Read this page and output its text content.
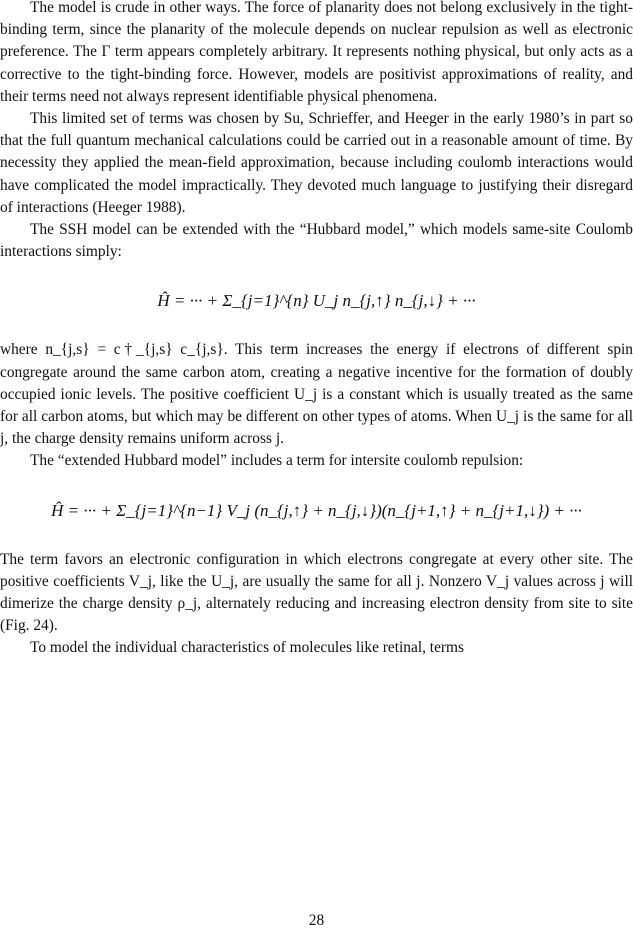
The model is crude in other ways. The force of planarity does not belong exclusively in the tight-binding term, since the planarity of the molecule depends on nuclear repulsion as well as electronic preference. The Γ term appears completely arbitrary. It represents nothing physical, but only acts as a corrective to the tight-binding force. However, models are positivist approximations of reality, and their terms need not always represent identifiable physical phenomena.

This limited set of terms was chosen by Su, Schrieffer, and Heeger in the early 1980’s in part so that the full quantum mechanical calculations could be carried out in a reasonable amount of time. By necessity they applied the mean-field approximation, because including coulomb interactions would have complicated the model impractically. They devoted much language to justifying their disregard of interactions (Heeger 1988).

The SSH model can be extended with the “Hubbard model,” which models same-site Coulomb interactions simply:

Ĥ = ··· + Σ_{j=1}^{n} U_j n_{j,↑} n_{j,↓} + ···

where n_{j,s} = c†_{j,s} c_{j,s}. This term increases the energy if electrons of different spin congregate around the same carbon atom, creating a negative incentive for the formation of doubly occupied ionic levels. The positive coefficient U_j is a constant which is usually treated as the same for all carbon atoms, but which may be different on other types of atoms. When U_j is the same for all j, the charge density remains uniform across j.

The “extended Hubbard model” includes a term for intersite coulomb repulsion:

Ĥ = ··· + Σ_{j=1}^{n−1} V_j (n_{j,↑} + n_{j,↓})(n_{j+1,↑} + n_{j+1,↓}) + ···

The term favors an electronic configuration in which electrons congregate at every other site. The positive coefficients V_j, like the U_j, are usually the same for all j. Nonzero V_j values across j will dimerize the charge density ρ_j, alternately reducing and increasing electron density from site to site (Fig. 24).

To model the individual characteristics of molecules like retinal, terms

28
